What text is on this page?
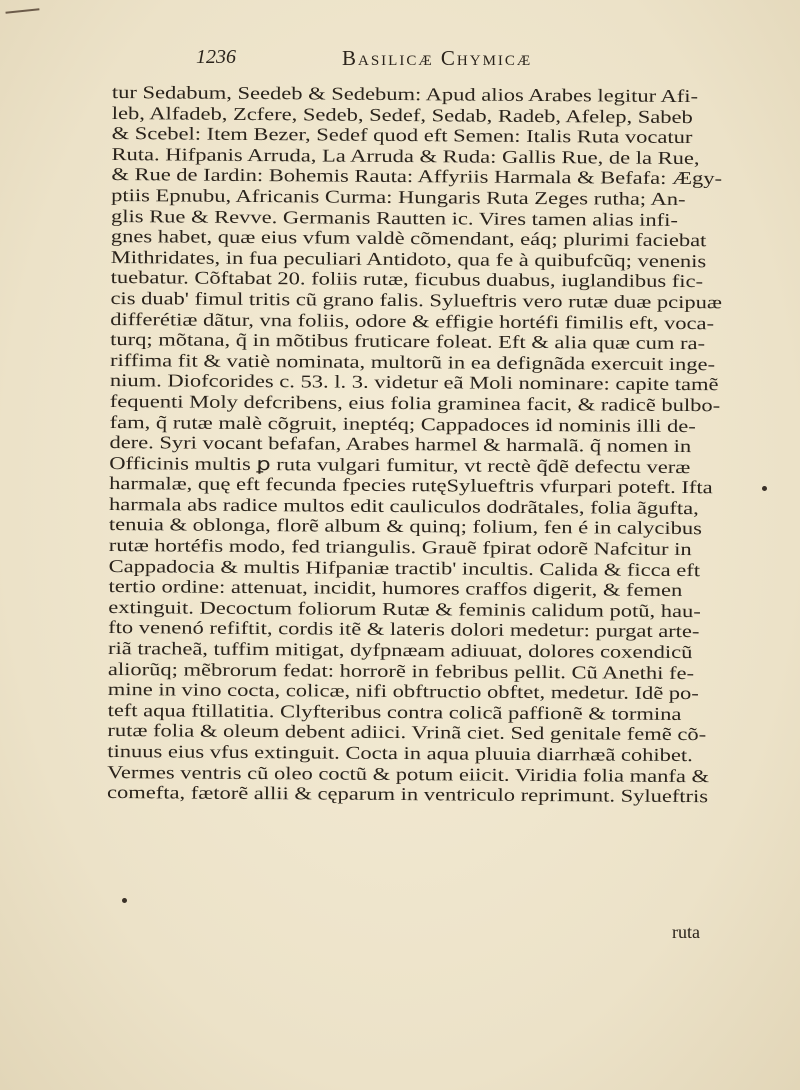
1236	Basilicæ Chymicæ
tur Sedabum, Seedeb & Sedebum: Apud alios Arabes legitur Afi-
leb, Alfadeb, Zcfere, Sedeb, Sedef, Sedab, Radeb, Afelep, Sabeb
& Scebel: Item Bezer, Sedef quod eft Semen: Italis Ruta vocatur
Ruta. Hifpanis Arruda, La Arruda & Ruda: Gallis Rue, de la Rue,
& Rue de Iardin: Bohemis Rauta: Affyriis Harmala & Befafa: Ægy-
ptiis Epnubu, Africanis Curma: Hungaris Ruta Zeges rutha; An-
glis Rue & Revve. Germanis Rautten ic. Vires tamen alias infi-
gnes habet, quæ eius vfum valdè cõmendant, eáq; plurimi faciebat
Mithridates, in fua peculiari Antidoto, qua fe à quibufcũq; venenis
tuebatur. Cõftabat 20. foliis rutæ, ficubus duabus, iuglandibus fic-
cis duab' fimul tritis cũ grano falis. Sylueftris vero rutæ duæ pcipuæ
differétiæ dãtur, vna foliis, odore & effigie hortéfi fimilis eft, voca-
turq; mõtana, q̃ in mõtibus fruticare foleat. Eft & alia quæ cum ra-
riffima fit & vatiè nominata, multorũ in ea defignãda exercuit inge-
nium. Diofcorides c. 53. l. 3. videtur eã Moli nominare: capite tamẽ
fequenti Moly defcribens, eius folia graminea facit, & radicẽ bulbo-
fam, q̃ rutæ malè cõgruit, ineptéq; Cappadoces id nominis illi de-
dere. Syri vocant befafan, Arabes harmel & harmalã. q̃ nomen in
Officinis multis ꝑ ruta vulgari fumitur, vt rectè q̃dẽ defectu veræ
harmalæ, quę eft fecunda fpecies rutęSylueftris vfurpari poteft. Ifta
harmala abs radice multos edit cauliculos dodrãtales, folia ãgufta,
tenuia & oblonga, florẽ album & quinq; folium, fen é in calycibus
rutæ hortéfis modo, fed triangulis. Grauẽ fpirat odorẽ Nafcitur in
Cappadocia & multis Hifpaniæ tractib' incultis. Calida & ficca eft
tertio ordine: attenuat, incidit, humores craffos digerit, & femen
extinguit. Decoctum foliorum Rutæ & feminis calidum potũ, hau-
fto venenó refiftit, cordis itẽ & lateris dolori medetur: purgat arte-
riã tracheã, tuffim mitigat, dyfpnæam adiuuat, dolores coxendicũ
aliorũq; mẽbrorum fedat: horrorẽ in febribus pellit. Cũ Anethi fe-
mine in vino cocta, colicæ, nifi obftructio obftet, medetur. Idẽ po-
teft aqua ftillatitia. Clyfteribus contra colicã paffionẽ & tormina
rutæ folia & oleum debent adiici. Vrinã ciet. Sed genitale femẽ cõ-
tinuus eius vfus extinguit. Cocta in aqua pluuia diarrhæã cohibet.
Vermes ventris cũ oleo coctũ & potum eiicit. Viridia folia manfa &
comefta, fætorẽ allii & cęparum in ventriculo reprimunt. Sylueftris
ruta
